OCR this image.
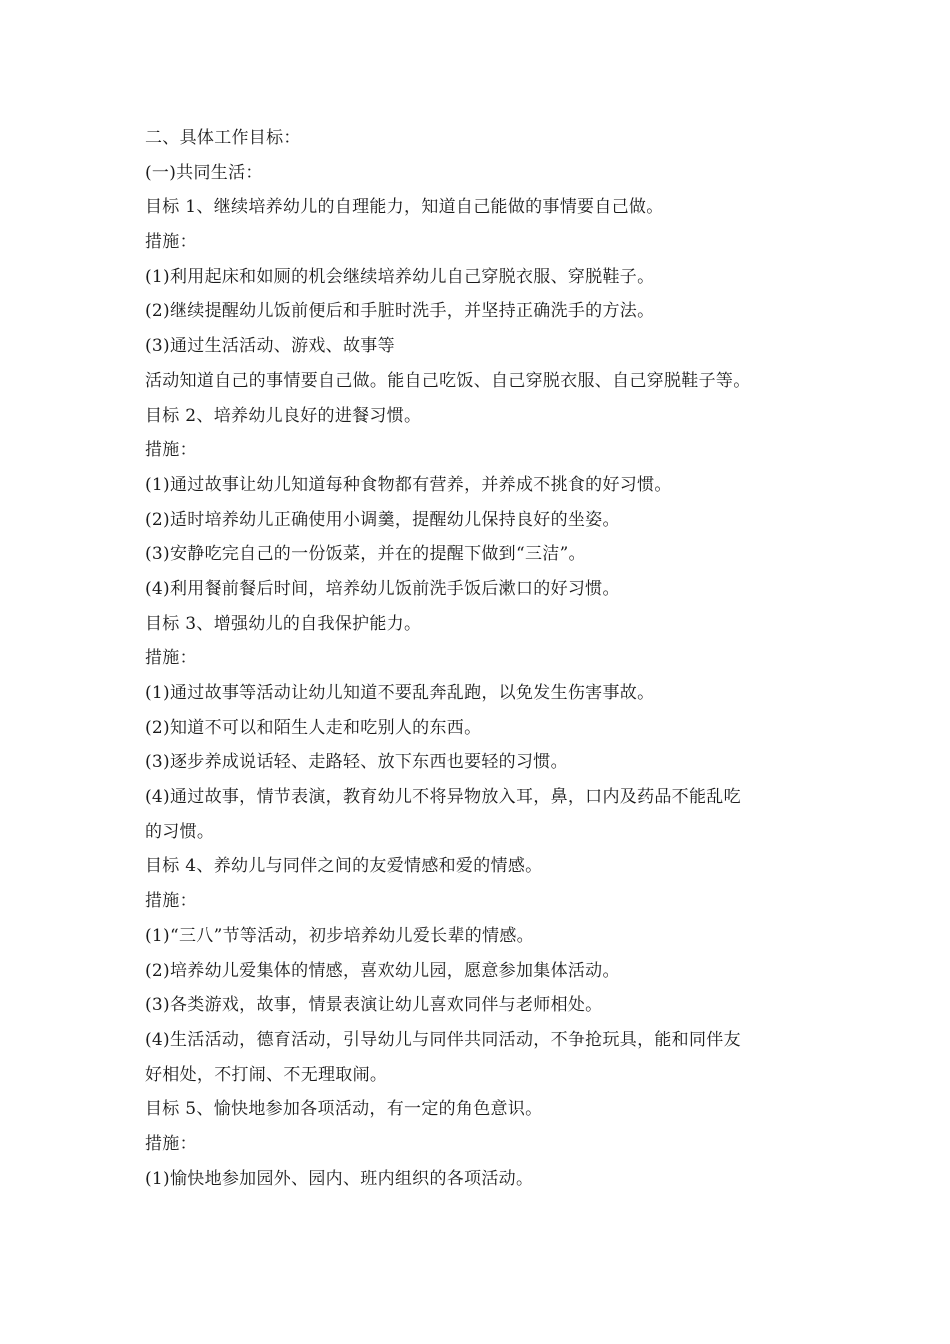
二、具体工作目标：
(一)共同生活：
目标 1、继续培养幼儿的自理能力，知道自己能做的事情要自己做。
措施：
(1)利用起床和如厕的机会继续培养幼儿自己穿脱衣服、穿脱鞋子。
(2)继续提醒幼儿饭前便后和手脏时洗手，并坚持正确洗手的方法。
(3)通过生活活动、游戏、故事等
活动知道自己的事情要自己做。能自己吃饭、自己穿脱衣服、自己穿脱鞋子等。
目标 2、培养幼儿良好的进餐习惯。
措施：
(1)通过故事让幼儿知道每种食物都有营养，并养成不挑食的好习惯。
(2)适时培养幼儿正确使用小调羹，提醒幼儿保持良好的坐姿。
(3)安静吃完自己的一份饭菜，并在的提醒下做到“三洁”。
(4)利用餐前餐后时间，培养幼儿饭前洗手饭后漱口的好习惯。
目标 3、增强幼儿的自我保护能力。
措施：
(1)通过故事等活动让幼儿知道不要乱奔乱跑，以免发生伤害事故。
(2)知道不可以和陌生人走和吃别人的东西。
(3)逐步养成说话轻、走路轻、放下东西也要轻的习惯。
(4)通过故事，情节表演，教育幼儿不将异物放入耳，鼻，口内及药品不能乱吃
的习惯。
目标 4、养幼儿与同伴之间的友爱情感和爱的情感。
措施：
(1)“三八”节等活动，初步培养幼儿爱长辈的情感。
(2)培养幼儿爱集体的情感，喜欢幼儿园，愿意参加集体活动。
(3)各类游戏，故事，情景表演让幼儿喜欢同伴与老师相处。
(4)生活活动，德育活动，引导幼儿与同伴共同活动，不争抢玩具，能和同伴友
好相处，不打闹、不无理取闹。
目标 5、愉快地参加各项活动，有一定的角色意识。
措施：
(1)愉快地参加园外、园内、班内组织的各项活动。
